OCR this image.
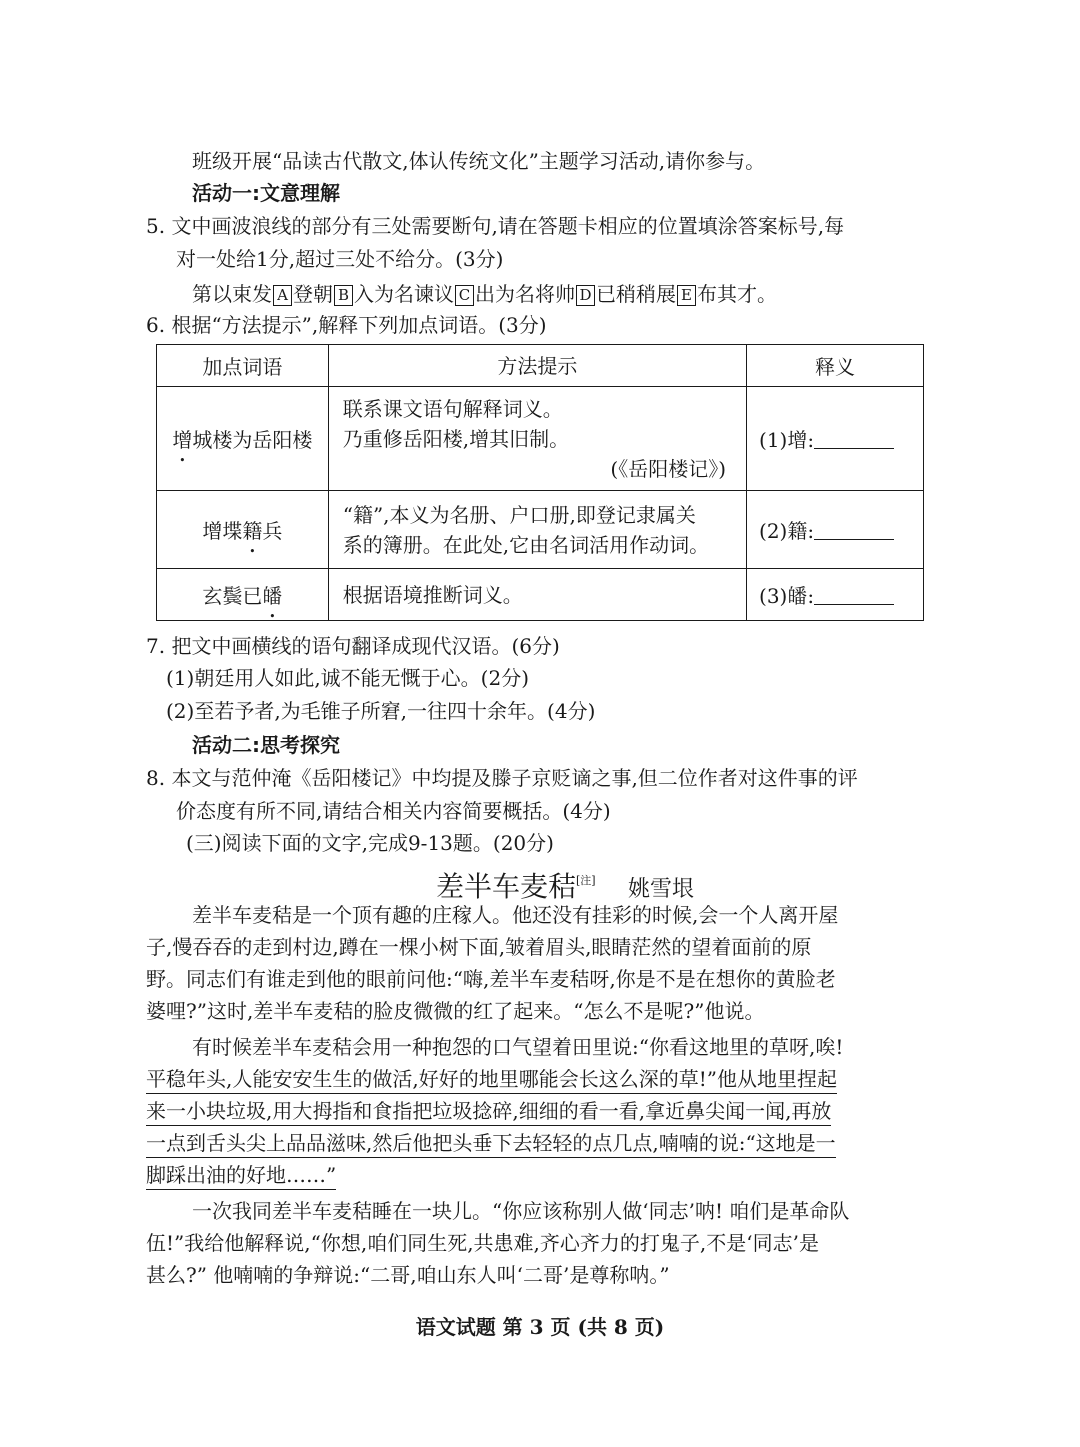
班级开展“品读古代散文,体认传统文化”主题学习活动,请你参与。
活动一:文意理解
5. 文中画波浪线的部分有三处需要断句,请在答题卡相应的位置填涂答案标号,每
对一处给1分,超过三处不给分。(3分)
第以束发 A 登朝 B 入为名谏议 C 出为名将帅 D 已稍稍展 E 布其才。
6. 根据“方法提示”,解释下列加点词语。(3分)
加点词语	方法提示	释义
增城楼为岳阳楼	联系课文语句解释词义。
乃重修岳阳楼,增其旧制。
(《岳阳楼记》)	(1)增:
增堞籍兵	“籍”,本义为名册、户口册,即登记隶属关
系的簿册。在此处,它由名词活用作动词。	(2)籍:
玄鬓已皤	根据语境推断词义。	(3)皤:
7. 把文中画横线的语句翻译成现代汉语。(6分)
(1)朝廷用人如此,诚不能无慨于心。(2分)
(2)至若予者,为毛锥子所窘,一往四十余年。(4分)
活动二:思考探究
8. 本文与范仲淹《岳阳楼记》中均提及滕子京贬谪之事,但二位作者对这件事的评
价态度有所不同,请结合相关内容简要概括。(4分)
(三)阅读下面的文字,完成9-13题。(20分)
差半车麦秸[注] 姚雪垠
差半车麦秸是一个顶有趣的庄稼人。他还没有挂彩的时候,会一个人离开屋
子,慢吞吞的走到村边,蹲在一棵小树下面,皱着眉头,眼睛茫然的望着面前的原
野。同志们有谁走到他的眼前问他:“嗨,差半车麦秸呀,你是不是在想你的黄脸老
婆哩?”这时,差半车麦秸的脸皮微微的红了起来。“怎么不是呢?”他说。
有时候差半车麦秸会用一种抱怨的口气望着田里说:“你看这地里的草呀,唉!
平稳年头,人能安安生生的做活,好好的地里哪能会长这么深的草!”他从地里捏起
来一小块垃圾,用大拇指和食指把垃圾捻碎,细细的看一看,拿近鼻尖闻一闻,再放
一点到舌头尖上品品滋味,然后他把头垂下去轻轻的点几点,喃喃的说:“这地是一
脚踩出油的好地……”
一次我同差半车麦秸睡在一块儿。“你应该称别人做‘同志’呐! 咱们是革命队
伍!”我给他解释说,“你想,咱们同生死,共患难,齐心齐力的打鬼子,不是‘同志’是
甚么?” 他喃喃的争辩说:“二哥,咱山东人叫‘二哥’是尊称呐。”
语文试题 第 3 页 (共 8 页)
